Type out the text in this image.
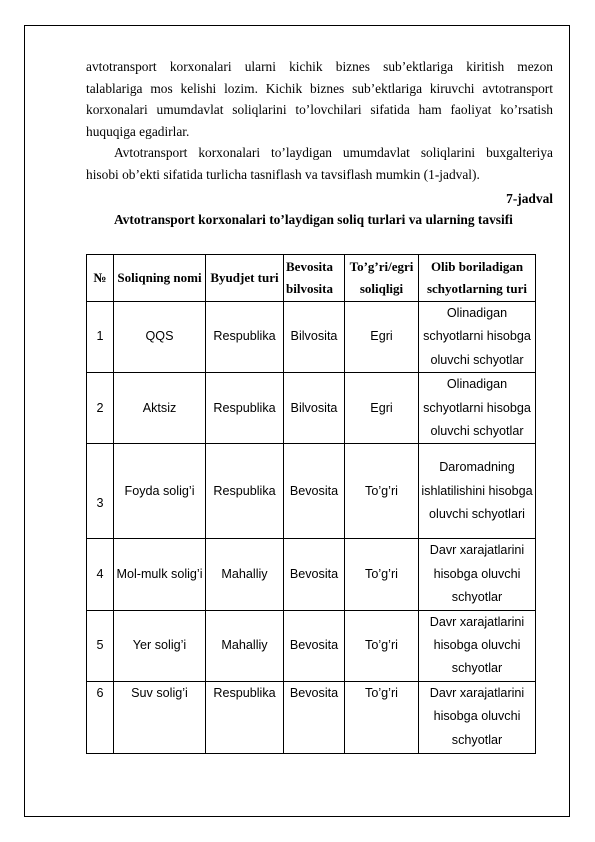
avtotransport korxonalari ularni kichik biznes sub’ektlariga kiritish mezon
talablariga mos kelishi lozim. Kichik biznes sub’ektlariga kiruvchi avtotransport
korxonalari umumdavlat soliqlarini to’lovchilari sifatida ham faoliyat ko’rsatish
huquqiga egadirlar.

Avtotransport korxonalari to’laydigan umumdavlat soliqlarini buxgalteriya
hisobi ob’ekti sifatida turlicha tasniflash va tavsiflash mumkin (1-jadval).

7-jadval
Avtotransport korxonalari to’laydigan soliq turlari va ularning tavsifi
№	Soliqning nomi	Byudjet turi	Bevosita bilvosita	To’g’ri/egri soliqligi	Olib boriladigan schyotlarning turi
1	QQS	Respublika	Bilvosita	Egri	Olinadigan schyotlarni hisobga oluvchi schyotlar
2	Aktsiz	Respublika	Bilvosita	Egri	Olinadigan schyotlarni hisobga oluvchi schyotlar
3	Foyda solig’i	Respublika	Bevosita	To’g’ri	Daromadning ishlatilishini hisobga oluvchi schyotlari
4	Mol-mulk solig’i	Mahalliy	Bevosita	To’g’ri	Davr xarajatlarini hisobga oluvchi schyotlar
5	Yer solig’i	Mahalliy	Bevosita	To’g’ri	Davr xarajatlarini hisobga oluvchi schyotlar
6	Suv solig’i	Respublika	Bevosita	To’g’ri	Davr xarajatlarini hisobga oluvchi schyotlar
